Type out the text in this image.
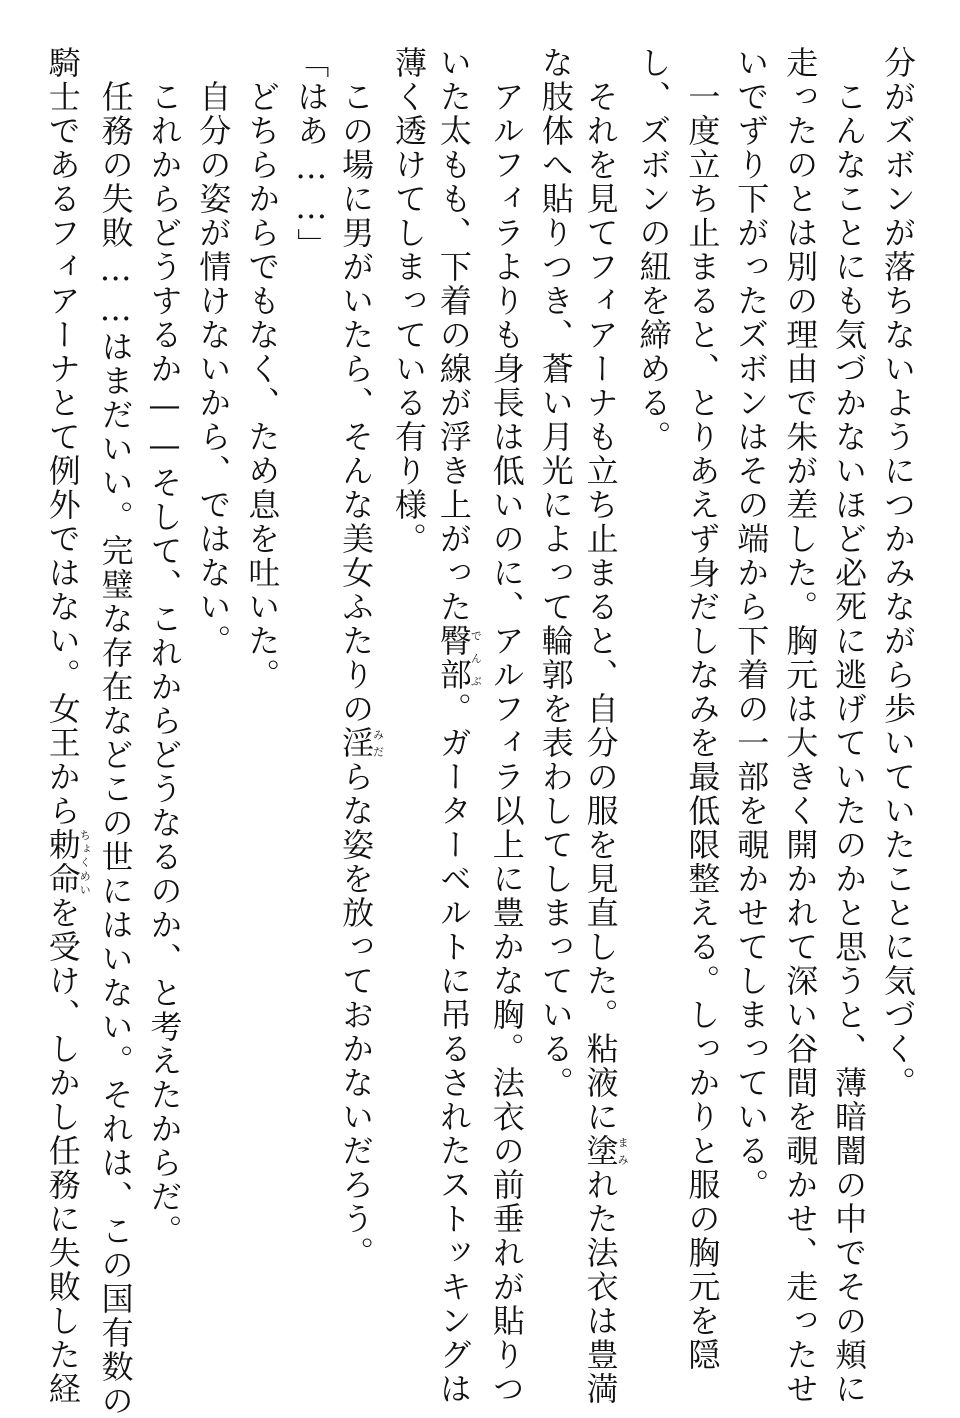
分がズボンが落ちないようにつかみながら歩いていたことに気づく。
こんなことにも気づかないほど必死に逃げていたのかと思うと、薄暗闇の中でその頬に
走ったのとは別の理由で朱が差した。胸元は大きく開かれて深い谷間を覗かせ、走ったせ
いでずり下がったズボンはその端から下着の一部を覗かせてしまっている。
一度立ち止まると、とりあえず身だしなみを最低限整える。しっかりと服の胸元を隠
し、ズボンの紐を締める。
それを見てフィアーナも立ち止まると、自分の服を見直した。粘液に塗まみれた法衣は豊満
な肢体へ貼りつき、蒼い月光によって輪郭を表わしてしまっている。
アルフィラよりも身長は低いのに、アルフィラ以上に豊かな胸。法衣の前垂れが貼りつ
いた太もも、下着の線が浮き上がった臀部でんぶ。ガーターベルトに吊るされたストッキングは
薄く透けてしまっている有り様。
この場に男がいたら、そんな美女ふたりの淫みだらな姿を放っておかないだろう。
「はあ……」
どちらからでもなく、ため息を吐いた。
自分の姿が情けないから、ではない。
これからどうするか——そして、これからどうなるのか、と考えたからだ。
任務の失敗……はまだいい。完璧な存在などこの世にはいない。それは、この国有数の
騎士であるフィアーナとて例外ではない。女王から勅命ちょくめいを受け、しかし任務に失敗した経
